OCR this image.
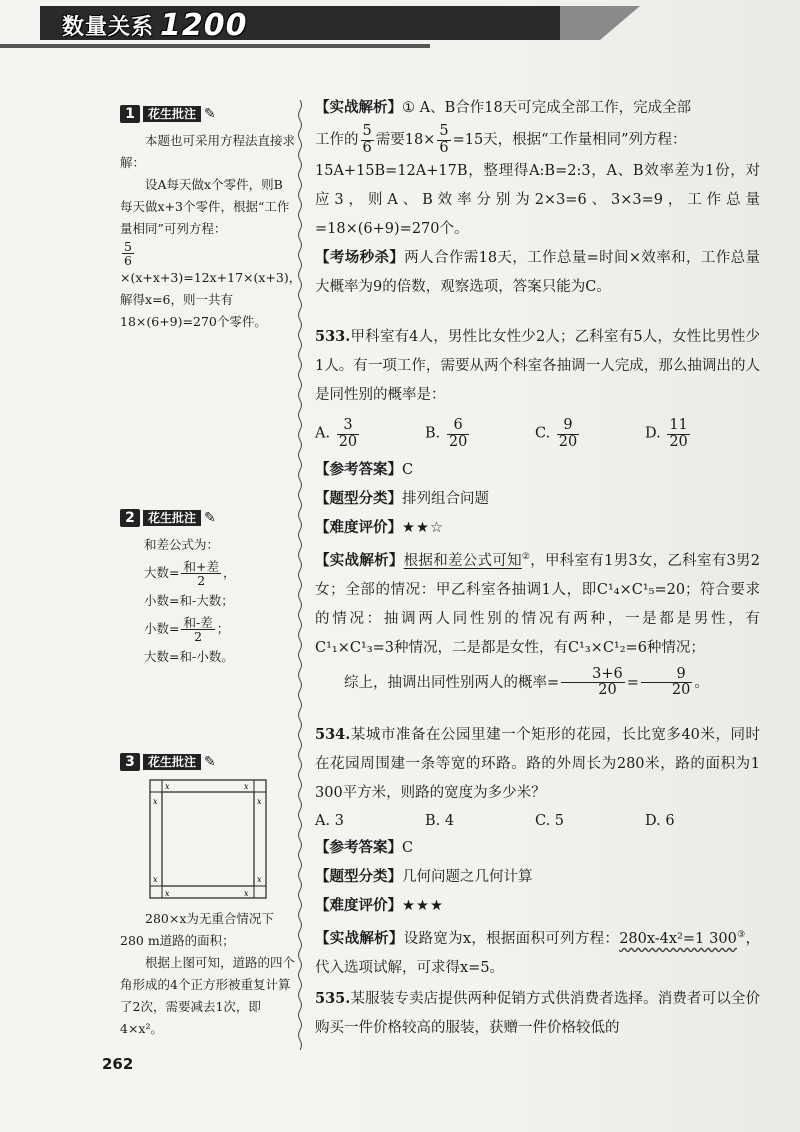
数量关系 1200
1	花生批注 ✎

本题也可采用方程法直接求解：

设A每天做x个零件，则B每天做x+3个零件，根据“工作量相同”可列方程：

$\frac{5}{6}$
×(x+x+3)=12x+17×(x+3)，解得x=6，则一共有18×(6+9)=270个零件。

2	花生批注 ✎

和差公式为：

大数= $\frac{\text{和+差}}{2}$ ，

小数=和-大数；

小数= $\frac{\text{和-差}}{2}$ ；

大数=和-小数。

3	花生批注 ✎
x	x
x	x
x	x
x	x

280×x为无重合情况下280 m道路的面积；

根据上图可知，道路的四个角形成的4个正方形被重复计算了2次，需要减去1次，即4×x²。

【实战解析】① A、B合作18天可完成全部工作，完成全部

工作的 $\frac{5}{6}$ 需要$18\times \frac{5}{6} =15$天，根据“工作量相同”列方程：

15A+15B=12A+17B，整理得A:B=2:3，A、B效率差为1份，对应3，则A、B效率分别为2×3=6、3×3=9，工作总量=18×(6+9)=270个。

【考场秒杀】两人合作需18天，工作总量=时间×效率和，工作总量大概率为9的倍数，观察选项，答案只能为C。

533.甲科室有4人，男性比女性少2人；乙科室有5人，女性比男性少1人。有一项工作，需要从两个科室各抽调一人完成，那么抽调出的人是同性别的概率是：

A. $\frac{3}{20}$	B. $\frac{6}{20}$	C. $\frac{9}{20}$	D. $\frac{11}{20}$

【参考答案】C

【题型分类】排列组合问题

【难度评价】★★☆

【实战解析】根据和差公式可知②，甲科室有1男3女，乙科室有3男2女；全部的情况：甲乙科室各抽调1人，即C¹₄×C¹₅=20；符合要求的情况：抽调两人同性别的情况有两种，一是都是男性，有C¹₁×C¹₃=3种情况，二是都是女性，有C¹₃×C¹₂=6种情况；

综上，抽调出同性别两人的概率= $\frac{3+6}{20} = \frac{9}{20}$ 。

534.某城市准备在公园里建一个矩形的花园，长比宽多40米，同时在花园周围建一条等宽的环路。路的外周长为280米，路的面积为1 300平方米，则路的宽度为多少米？

A. 3	B. 4	C. 5	D. 6

【参考答案】C

【题型分类】几何问题之几何计算

【难度评价】★★★

【实战解析】设路宽为x，根据面积可列方程：280x-4x²=1 300③，代入选项试解，可求得x=5。

535.某服装专卖店提供两种促销方式供消费者选择。消费者可以全价购买一件价格较高的服装，获赠一件价格较低的

262
